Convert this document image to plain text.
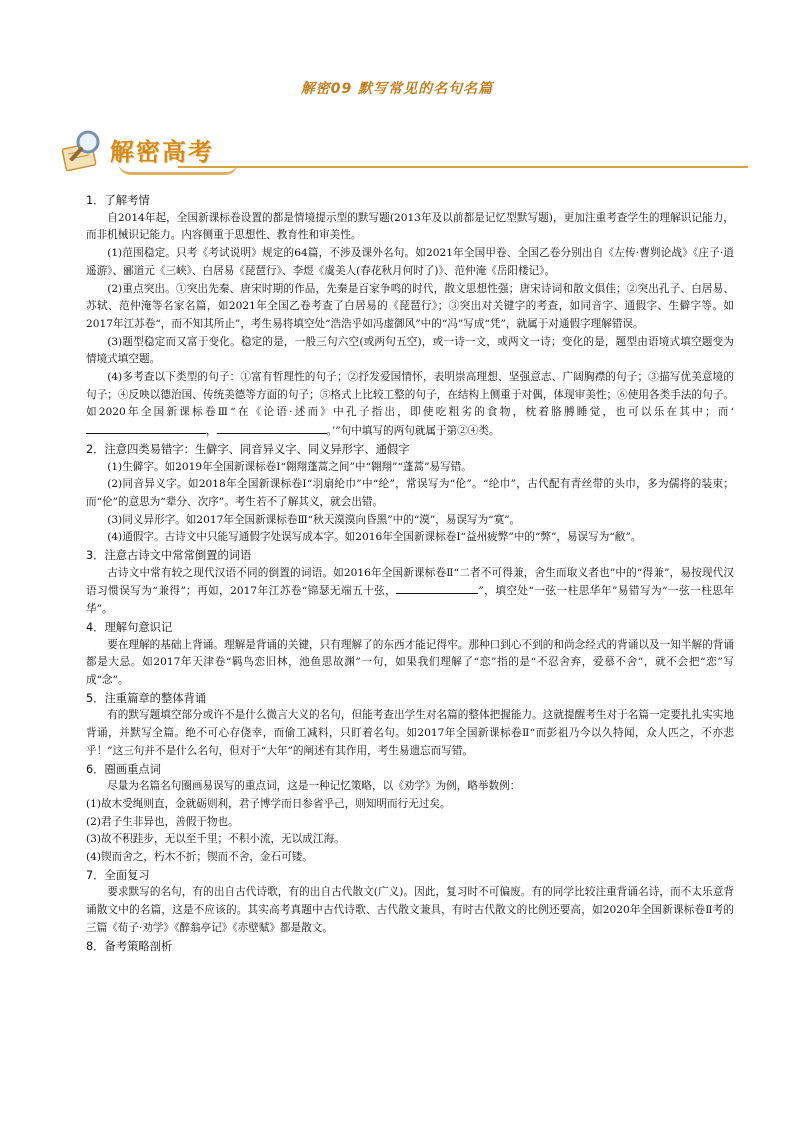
解密09 默写常见的名句名篇
解密高考
1．了解考情
自2014年起，全国新课标卷设置的都是情境提示型的默写题(2013年及以前都是记忆型默写题)，更加注重考查学生的理解识记能力，而非机械识记能力。内容侧重于思想性、教育性和审美性。
(1)范围稳定。只考《考试说明》规定的64篇，不涉及课外名句。如2021年全国甲卷、全国乙卷分别出自《左传·曹刿论战》《庄子·逍遥游》、郦道元《三峡》、白居易《琵琶行》、李煜《虞美人(春花秋月何时了)》、范仲淹《岳阳楼记》。
(2)重点突出。①突出先秦、唐宋时期的作品，先秦是百家争鸣的时代，散文思想性强；唐宋诗词和散文俱佳；②突出孔子、白居易、苏轼、范仲淹等名家名篇，如2021年全国乙卷考查了白居易的《琵琶行》；③突出对关键字的考查，如同音字、通假字、生僻字等。如2017年江苏卷“，而不知其所止”，考生易将填空处“浩浩乎如冯虚御风”中的“冯”写成“凭”，就属于对通假字理解错误。
(3)题型稳定而又富于变化。稳定的是，一般三句六空(或两句五空)，或一诗一文，或两文一诗；变化的是，题型由语境式填空题变为情境式填空题。
(4)多考查以下类型的句子：①富有哲理性的句子；②抒发爱国情怀，表明崇高理想、坚强意志、广阔胸襟的句子；③描写优美意境的句子；④反映以德治国、传统美德等方面的句子；⑤格式上比较工整的句子，在结构上侧重于对偶，体现审美性；⑥使用各类手法的句子。如2020年全国新课标卷Ⅲ“在《论语·述而》中孔子指出，即使吃粗劣的食物，枕着胳膊睡觉，也可以乐在其中；而‘，	。’”句中填写的两句就属于第②④类。
2．注意四类易错字：生僻字、同音异义字、同义异形字、通假字
(1)生僻字。如2019年全国新课标卷Ⅰ“翱翔蓬蒿之间”中“翱翔”“蓬蒿”易写错。
(2)同音异义字。如2018年全国新课标卷Ⅰ“羽扇纶巾”中“纶”，常误写为“伦”。“纶巾”，古代配有青丝带的头巾，多为儒将的装束；而“伦”的意思为“辈分、次序”。考生若不了解其义，就会出错。
(3)同义异形字。如2017年全国新课标卷Ⅲ“秋天漠漠向昏黑”中的“漠”，易误写为“寞”。
(4)通假字。古诗文中只能写通假字处误写成本字。如2016年全国新课标卷Ⅰ“益州疲弊”中的“弊”，易误写为“敝”。
3．注意古诗文中常常倒置的词语
古诗文中常有较之现代汉语不同的倒置的词语。如2016年全国新课标卷Ⅱ“二者不可得兼，舍生而取义者也”中的“得兼”，易按现代汉语习惯误写为“兼得”；再如，2017年江苏卷“锦瑟无端五十弦，	”，填空处“一弦一柱思华年”易错写为“一弦一柱思年华”。
4．理解句意识记
要在理解的基础上背诵。理解是背诵的关键，只有理解了的东西才能记得牢。那种口到心不到的和尚念经式的背诵以及一知半解的背诵都是大忌。如2017年天津卷“羁鸟恋旧林，池鱼思故渊”一句，如果我们理解了“恋”指的是“不忍舍弃，爱慕不舍”，就不会把“恋”写成“念”。
5．注重篇章的整体背诵
有的默写题填空部分或许不是什么微言大义的名句，但能考查出学生对名篇的整体把握能力。这就提醒考生对于名篇一定要扎扎实实地背诵，并默写全篇。绝不可心存侥幸，而偷工减料，只盯着名句。如2017年全国新课标卷Ⅱ“而彭祖乃今以久特闻，众人匹之，不亦悲乎！”这三句并不是什么名句，但对于“大年”的阐述有其作用，考生易遗忘而写错。
6．圈画重点词
尽量为名篇名句圈画易误写的重点词，这是一种记忆策略，以《劝学》为例，略举数例：
(1)故木受绳则直，金就砺则利，君子博学而日参省乎己，则知明而行无过矣。
(2)君子生非异也，善假于物也。
(3)故不积跬步，无以至千里；不积小流，无以成江海。
(4)锲而舍之，朽木不折；锲而不舍，金石可镂。
7．全面复习
要求默写的名句，有的出自古代诗歌，有的出自古代散文(广义)。因此，复习时不可偏废。有的同学比较注重背诵名诗，而不太乐意背诵散文中的名篇，这是不应该的。其实高考真题中古代诗歌、古代散文兼具，有时古代散文的比例还要高，如2020年全国新课标卷Ⅱ考的三篇《荀子·劝学》《醉翁亭记》《赤壁赋》都是散文。
8．备考策略剖析
